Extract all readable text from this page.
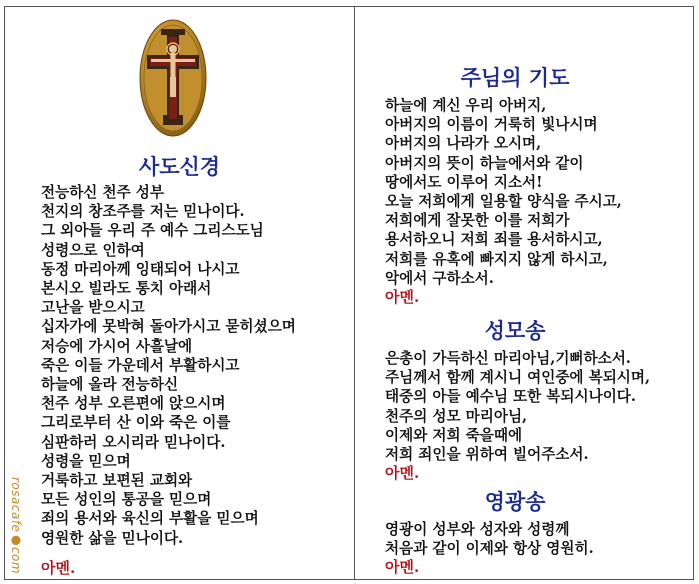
사도신경
전능하신 천주 성부
천지의 창조주를 저는 믿나이다.
그 외아들 우리 주 예수 그리스도님
성령으로 인하여
동정 마리아께 잉태되어 나시고
본시오 빌라도 통치 아래서
고난을 받으시고
십자가에 못박혀 돌아가시고 묻히셨으며
저승에 가시어 사흘날에
죽은 이들 가운데서 부활하시고
하늘에 올라 전능하신
천주 성부 오른편에 앉으시며
그리로부터 산 이와 죽은 이를
심판하러 오시리라 믿나이다.
성령을 믿으며
거룩하고 보편된 교회와
모든 성인의 통공을 믿으며
죄의 용서와 육신의 부활을 믿으며
영원한 삶을 믿나이다.
아멘.
rosacafe●com
주님의 기도
하늘에 계신 우리 아버지,
아버지의 이름이 거룩히 빛나시며
아버지의 나라가 오시며,
아버지의 뜻이 하늘에서와 같이
땅에서도 이루어 지소서!
오늘 저희에게 일용할 양식을 주시고,
저희에게 잘못한 이를 저희가
용서하오니 저희 죄를 용서하시고,
저희를 유혹에 빠지지 않게 하시고,
악에서 구하소서.
아멘.
성모송
은총이 가득하신 마리아님,기뻐하소서.
주님께서 함께 계시니 여인중에 복되시며,
태중의 아들 예수님 또한 복되시나이다.
천주의 성모 마리아님,
이제와 저희 죽을때에
저희 죄인을 위하여 빌어주소서.
아멘.
영광송
영광이 성부와 성자와 성령께
처음과 같이 이제와 항상 영원히.
아멘.
